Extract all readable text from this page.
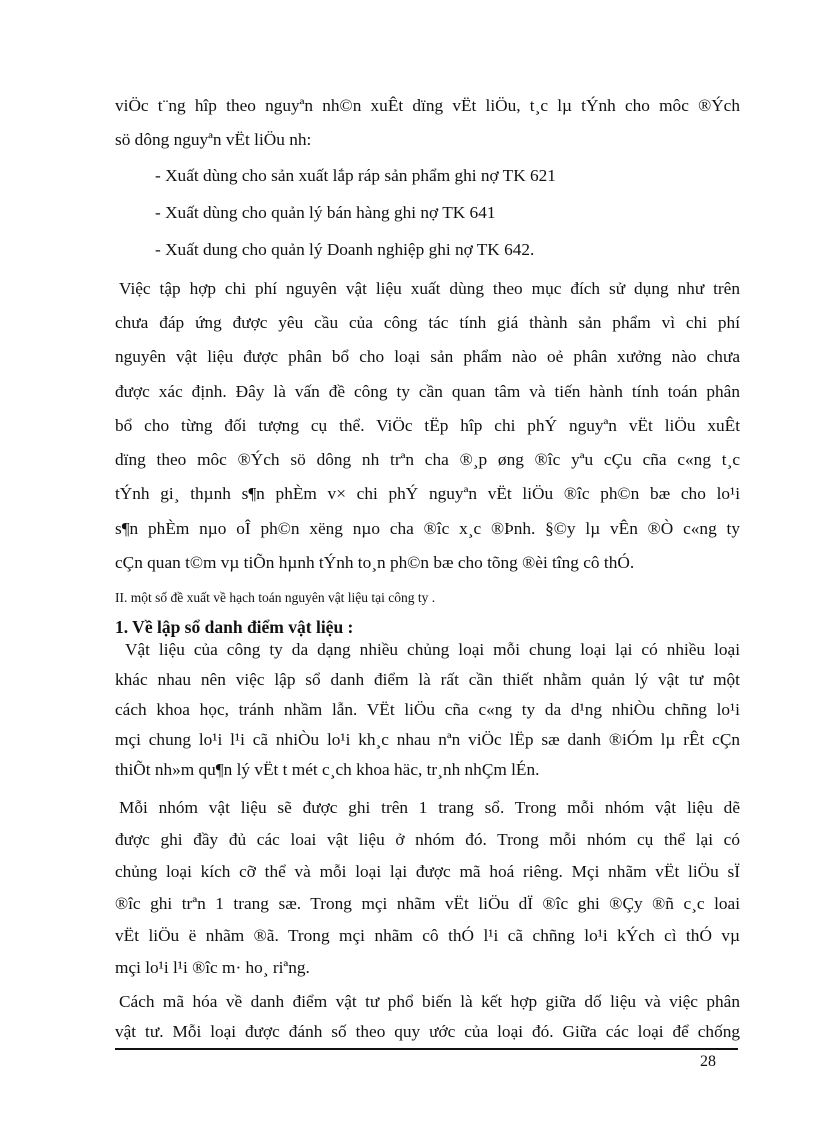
viÖc t¨ng hîp theo nguyªn nh©n xuÊt dïng vËt liÖu, t¸c lµ tÝnh cho môc ®Ých
sö dông nguyªn vËt liÖu nh:
- Xuất dùng cho sản xuất lắp ráp sản phẩm ghi nợ TK 621
- Xuất dùng cho quản lý bán hàng ghi nợ TK 641
- Xuất dung cho quản lý Doanh nghiệp ghi nợ TK 642.
Việc tập hợp chi phí nguyên vật liệu xuất dùng theo mục đích sử dụng như trên
chưa đáp ứng được yêu cầu của công tác tính giá thành sản phẩm vì chi phí
nguyên vật liệu được phân bổ cho loại sản phẩm nào oẻ phân xưởng nào chưa
được xác định. Đây là vấn đề công ty cần quan tâm và tiến hành tính toán phân
bổ cho từng đối tượng cụ thể. ViÖc tËp hîp chi phÝ nguyªn vËt liÖu xuÊt
dïng theo môc ®Ých sö dông nh trªn cha ®¸p øng ®îc yªu cÇu cña c«ng t¸c
tÝnh gi¸ thµnh s¶n phÈm v× chi phÝ nguyªn vËt liÖu ®îc ph©n bæ cho lo¹i
s¶n phÈm nµo oÎ ph©n xëng nµo cha ®îc x¸c ®Þnh. §©y lµ vÊn ®Ò c«ng ty
cÇn quan t©m vµ tiÕn hµnh tÝnh to¸n ph©n bæ cho tõng ®èi tîng cô thÓ.
II. một số đề xuất về hạch toán nguyên vật liệu tại công ty .
1. Về lập sổ danh điểm vật liệu :
Vật liệu của công ty da dạng nhiều chủng loại mỗi chung loại lại có nhiều loại
khác nhau nên việc lập sổ danh điểm là rất cần thiết nhằm quản lý vật tư một
cách khoa học, tránh nhầm lẫn. VËt liÖu cña c«ng ty da d¹ng nhiÒu chñng lo¹i
mçi chung lo¹i l¹i cã nhiÒu lo¹i kh¸c nhau nªn viÖc lËp sæ danh ®iÓm lµ rÊt cÇn
thiÕt nh»m qu¶n lý vËt t mét c¸ch khoa häc, tr¸nh nhÇm lÉn.
Mỗi nhóm vật liệu sẽ được ghi trên 1 trang sổ. Trong mỗi nhóm vật liệu dẽ
được ghi đầy đủ các loai vật liệu ở nhóm đó. Trong mỗi nhóm cụ thể lại có
chủng loại kích cỡ thể và mỗi loại lại được mã hoá riêng. Mçi nhãm vËt liÖu sÏ
®îc ghi trªn 1 trang sæ. Trong mçi nhãm vËt liÖu dÏ ®îc ghi ®Çy ®ñ c¸c loai
vËt liÖu ë nhãm ®ã. Trong mçi nhãm cô thÓ l¹i cã chñng lo¹i kÝch cì thÓ vµ
mçi lo¹i l¹i ®îc m· ho¸ riªng.
Cách mã hóa về danh điểm vật tư phổ biến là kết hợp giữa dố liệu và việc phân
vật tư. Mỗi loại được đánh số theo quy ước của loại đó. Giữa các loại để chống
28
